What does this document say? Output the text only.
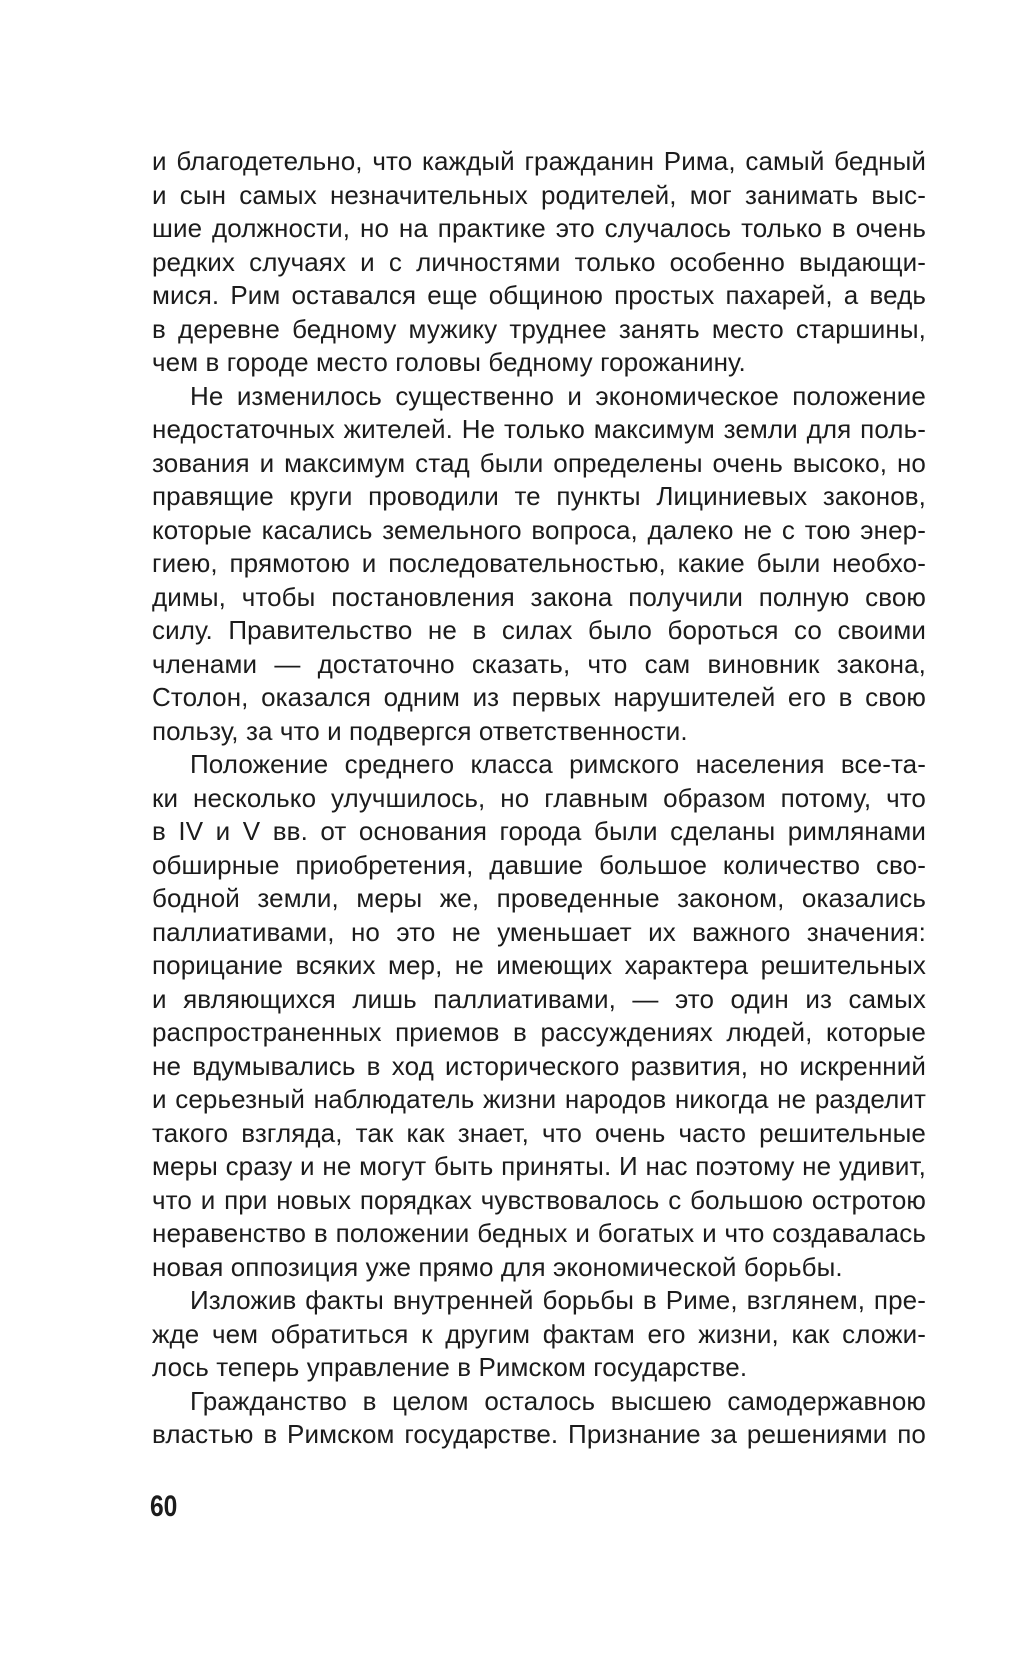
и благодетельно, что каждый гражданин Рима, самый бедный
и сын самых незначительных родителей, мог занимать выс-
шие должности, но на практике это случалось только в очень
редких случаях и с личностями только особенно выдающи-
мися. Рим оставался еще общиною простых пахарей, а ведь
в деревне бедному мужику труднее занять место старшины,
чем в городе место головы бедному горожанину.
Не изменилось существенно и экономическое положение
недостаточных жителей. Не только максимум земли для поль-
зования и максимум стад были определены очень высоко, но
правящие круги проводили те пункты Лициниевых законов,
которые касались земельного вопроса, далеко не с тою энер-
гиею, прямотою и последовательностью, какие были необхо-
димы, чтобы постановления закона получили полную свою
силу. Правительство не в силах было бороться со своими
членами — достаточно сказать, что сам виновник закона,
Столон, оказался одним из первых нарушителей его в свою
пользу, за что и подвергся ответственности.
Положение среднего класса римского населения все-та-
ки несколько улучшилось, но главным образом потому, что
в IV и V вв. от основания города были сделаны римлянами
обширные приобретения, давшие большое количество сво-
бодной земли, меры же, проведенные законом, оказались
паллиативами, но это не уменьшает их важного значения:
порицание всяких мер, не имеющих характера решительных
и являющихся лишь паллиативами, — это один из самых
распространенных приемов в рассуждениях людей, которые
не вдумывались в ход исторического развития, но искренний
и серьезный наблюдатель жизни народов никогда не разделит
такого взгляда, так как знает, что очень часто решительные
меры сразу и не могут быть приняты. И нас поэтому не удивит,
что и при новых порядках чувствовалось с большою остротою
неравенство в положении бедных и богатых и что создавалась
новая оппозиция уже прямо для экономической борьбы.
Изложив факты внутренней борьбы в Риме, взглянем, пре-
жде чем обратиться к другим фактам его жизни, как сложи-
лось теперь управление в Римском государстве.
Гражданство в целом осталось высшею самодержавною
властью в Римском государстве. Признание за решениями по
60
